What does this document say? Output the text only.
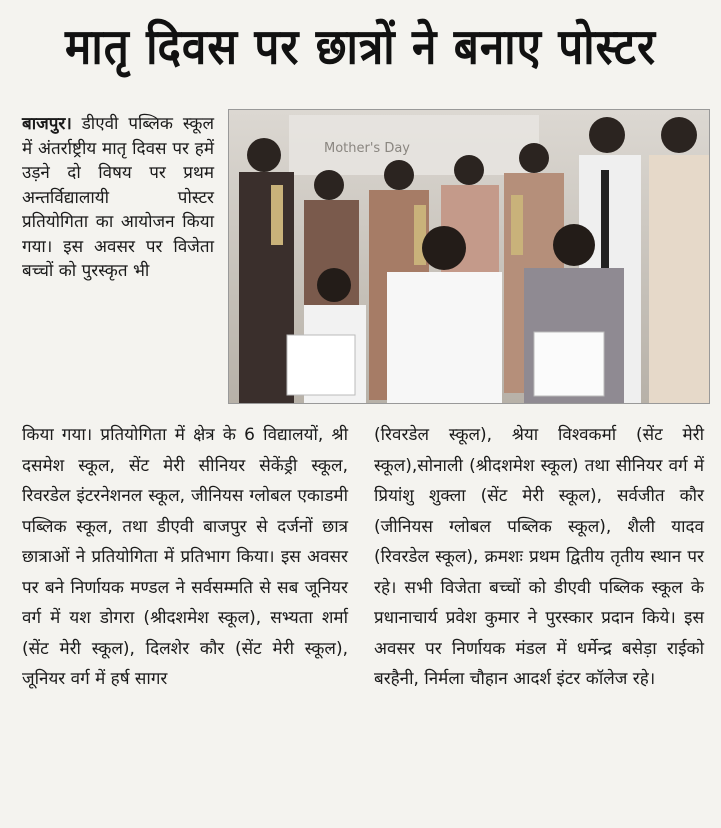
मातृ दिवस पर छात्रों ने बनाए पोस्टर

बाजपुर। डीएवी पब्लिक स्कूल में अंतर्राष्ट्रीय मातृ दिवस पर हमें उड़ने दो विषय पर प्रथम अन्तर्विद्यालायी पोस्टर प्रतियोगिता का आयोजन किया गया। इस अवसर पर विजेता बच्चों को पुरस्कृत भी

Mother's Day

किया गया। प्रतियोगिता में क्षेत्र के 6 विद्यालयों, श्री दसमेश स्कूल, सेंट मेरी सीनियर सेकेंड्री स्कूल, रिवरडेल इंटरनेशनल स्कूल, जीनियस ग्लोबल एकाडमी पब्लिक स्कूल, तथा डीएवी बाजपुर से दर्जनों छात्र छात्राओं ने प्रतियोगिता में प्रतिभाग किया। इस अवसर पर बने निर्णायक मण्डल ने सर्वसम्मति से सब जूनियर वर्ग में यश डोगरा (श्रीदशमेश स्कूल), सभ्यता शर्मा (सेंट मेरी स्कूल), दिलशेर कौर (सेंट मेरी स्कूल), जूनियर वर्ग में हर्ष सागर

(रिवरडेल स्कूल), श्रेया विश्वकर्मा (सेंट मेरी स्कूल),सोनाली (श्रीदशमेश स्कूल) तथा सीनियर वर्ग में प्रियांशु शुक्ला (सेंट मेरी स्कूल), सर्वजीत कौर (जीनियस ग्लोबल पब्लिक स्कूल), शैली यादव (रिवरडेल स्कूल), क्रमशः प्रथम द्वितीय तृतीय स्थान पर रहे। सभी विजेता बच्चों को डीएवी पब्लिक स्कूल के प्रधानाचार्य प्रवेश कुमार ने पुरस्कार प्रदान किये। इस अवसर पर निर्णायक मंडल में धर्मेन्द्र बसेड़ा राईको बरहैनी, निर्मला चौहान आदर्श इंटर कॉलेज रहे।
